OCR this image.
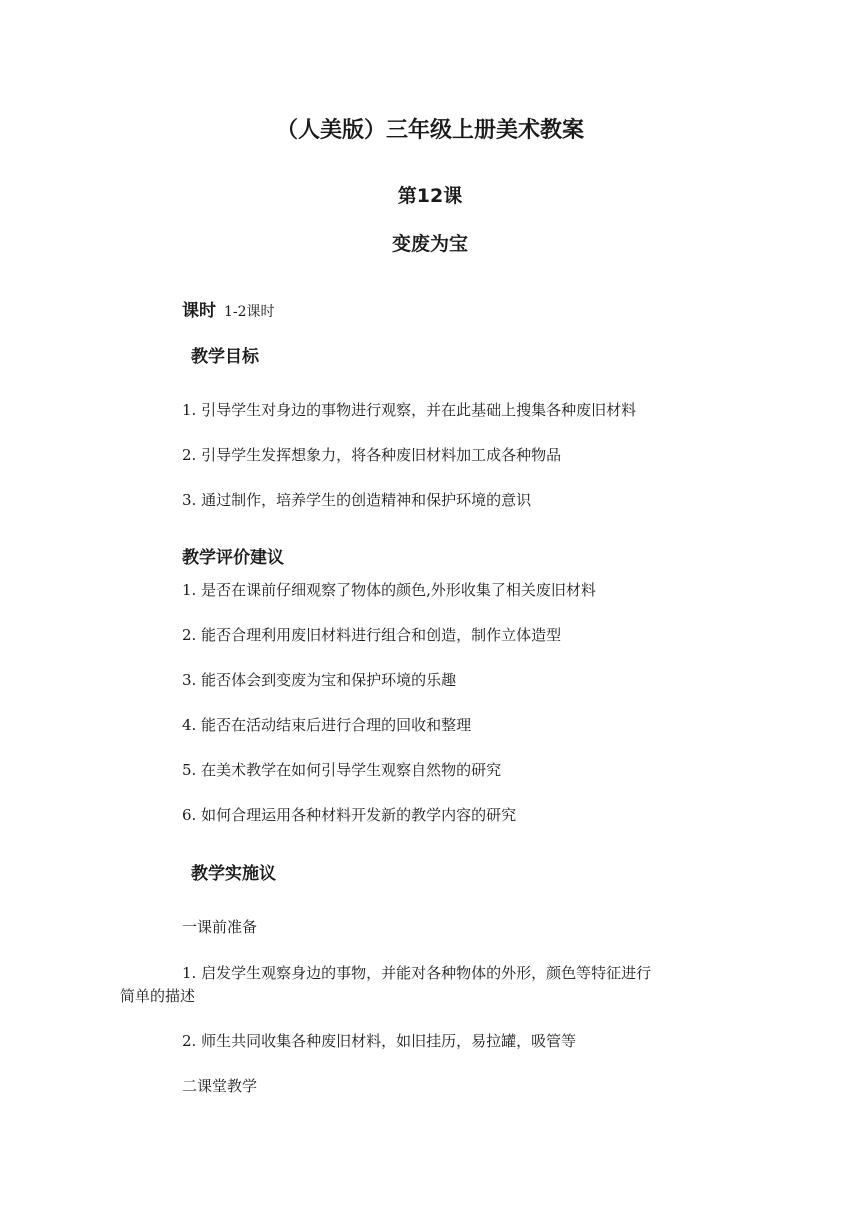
（人美版）三年级上册美术教案
第12课
变废为宝
课时 1-2课时
教学目标
1. 引导学生对身边的事物进行观察，并在此基础上搜集各种废旧材料
2. 引导学生发挥想象力，将各种废旧材料加工成各种物品
3. 通过制作，培养学生的创造精神和保护环境的意识
教学评价建议
1. 是否在课前仔细观察了物体的颜色,外形收集了相关废旧材料
2. 能否合理利用废旧材料进行组合和创造，制作立体造型
3. 能否体会到变废为宝和保护环境的乐趣
4. 能否在活动结束后进行合理的回收和整理
5. 在美术教学在如何引导学生观察自然物的研究
6. 如何合理运用各种材料开发新的教学内容的研究
教学实施议
一课前准备
1. 启发学生观察身边的事物，并能对各种物体的外形，颜色等特征进行
简单的描述
2. 师生共同收集各种废旧材料，如旧挂历，易拉罐，吸管等
二课堂教学
